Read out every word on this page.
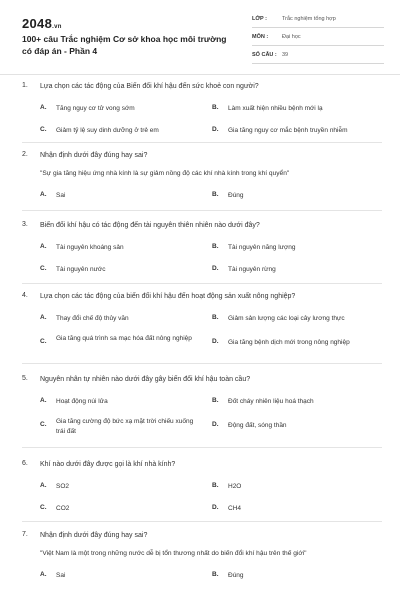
2048.vn
100+ câu Trắc nghiệm Cơ sở khoa học môi trường có đáp án - Phần 4
LỚP :	Trắc nghiệm tổng hợp
MÔN :	Đại học
SỐ CÂU : 39
1. Lựa chọn các tác động của Biến đổi khí hậu đến sức khoẻ con người?
A. Tăng nguy cơ tử vong sớm	B. Làm xuất hiện nhiều bệnh mới lạ
C. Giảm tỷ lệ suy dinh dưỡng ở trẻ em	D. Gia tăng nguy cơ mắc bệnh truyền nhiễm
2. Nhận định dưới đây đúng hay sai?
"Sự gia tăng hiệu ứng nhà kính là sự giảm nồng độ các khí nhà kính trong khí quyển"
A. Sai	B. Đúng
3. Biến đổi khí hậu có tác động đến tài nguyên thiên nhiên nào dưới đây?
A. Tài nguyên khoáng sản	B. Tài nguyên năng lượng
C. Tài nguyên nước	D. Tài nguyên rừng
4. Lựa chọn các tác động của biến đổi khí hậu đến hoạt động sản xuất nông nghiệp?
A. Thay đổi chế độ thủy văn	B. Giảm sản lượng các loại cây lương thực
C. Gia tăng quá trình sa mạc hóa đất nông nghiệp	D. Gia tăng bệnh dịch mới trong nông nghiệp
5. Nguyên nhân tự nhiên nào dưới đây gây biến đổi khí hậu toàn cầu?
A. Hoạt động núi lửa	B. Đốt cháy nhiên liệu hoá thạch
C. Gia tăng cường độ bức xạ mặt trời chiếu xuống trái đất
D. Động đất, sóng thần
6. Khí nào dưới đây được gọi là khí nhà kính?
A. SO2	B. H2O
C. CO2	D. CH4
7. Nhận định dưới đây đúng hay sai?
"Việt Nam là một trong những nước dễ bị tổn thương nhất do biến đổi khí hậu trên thế giới"
A. Sai	B. Đúng
